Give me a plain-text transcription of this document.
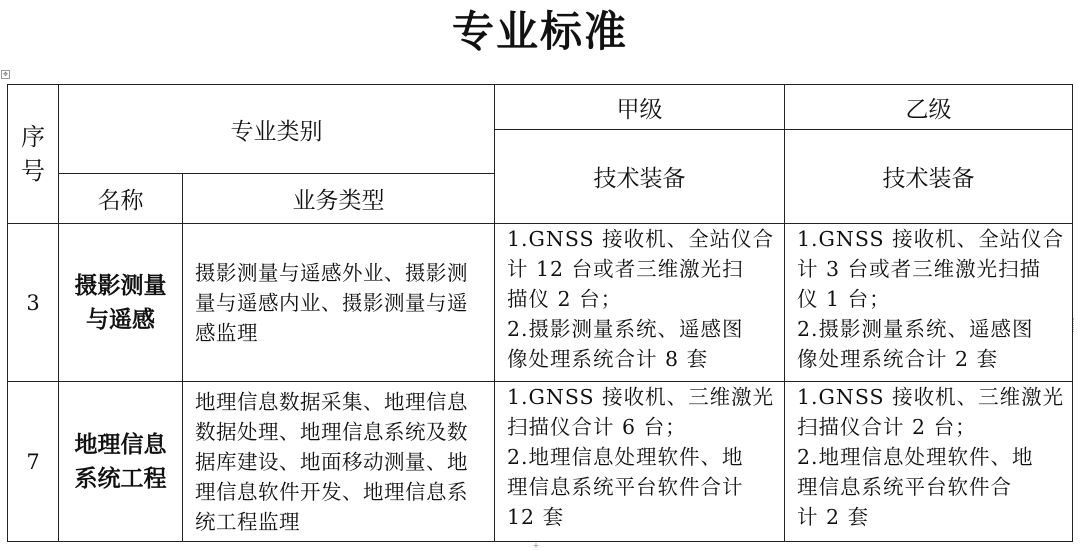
专业标准
✥
+
序
号	专业类别		甲级	乙级
			技术装备	技术装备
	名称	业务类型		
3	摄影测量
与遥感	摄影测量与遥感外业、摄影测量与遥感内业、摄影测量与遥感监理	1.GNSS 接收机、全站仪合
计 12 台或者三维激光扫
描仪 2 台；
2.摄影测量系统、遥感图
像处理系统合计 8 套	1.GNSS 接收机、全站仪合
计 3 台或者三维激光扫描
仪 1 台；
2.摄影测量系统、遥感图
像处理系统合计 2 套

7	地理信息
系统工程	地理信息数据采集、地理信息数据处理、地理信息系统及数据库建设、地面移动测量、地理信息软件开发、地理信息系统工程监理	1.GNSS 接收机、三维激光
扫描仪合计 6 台；
2.地理信息处理软件、地
理信息系统平台软件合计
12 套	1.GNSS 接收机、三维激光
扫描仪合计 2 台；
2.地理信息处理软件、地
理信息系统平台软件合
计 2 套
